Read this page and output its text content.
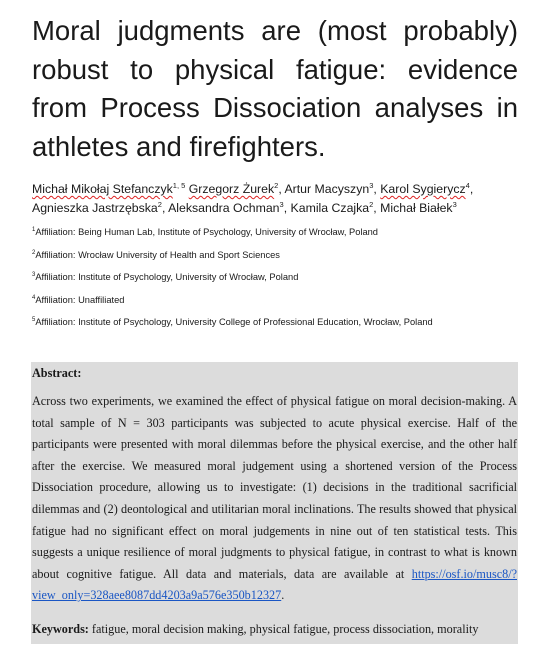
Moral judgments are (most probably) robust to physical fatigue: evidence from Process Dissociation analyses in athletes and firefighters.

Michał Mikołaj Stefanczyk$^{1, 5}$ Grzegorz Żurek$^2$, Artur Macyszyn$^3$, Karol Sygierycz$^4$, Agnieszka Jastrzębska$^2$, Aleksandra Ochman$^3$, Kamila Czajka$^2$, Michał Białek$^3$

$^1$Affiliation: Being Human Lab, Institute of Psychology, University of Wrocław, Poland
$^2$Affiliation: Wrocław University of Health and Sport Sciences
$^3$Affiliation: Institute of Psychology, University of Wrocław, Poland
$^4$Affiliation: Unaffiliated
$^5$Affiliation: Institute of Psychology, University College of Professional Education, Wrocław, Poland
Abstract:

Across two experiments, we examined the effect of physical fatigue on moral decision-making. A total sample of N = 303 participants was subjected to acute physical exercise. Half of the participants were presented with moral dilemmas before the physical exercise, and the other half after the exercise. We measured moral judgement using a shortened version of the Process Dissociation procedure, allowing us to investigate: (1) decisions in the traditional sacrificial dilemmas and (2) deontological and utilitarian moral inclinations. The results showed that physical fatigue had no significant effect on moral judgements in nine out of ten statistical tests. This suggests a unique resilience of moral judgments to physical fatigue, in contrast to what is known about cognitive fatigue. All data and materials, data are available at https://osf.io/musc8/?view_only=328aee8087dd4203a9a576e350b12327.

Keywords: fatigue, moral decision making, physical fatigue, process dissociation, morality
